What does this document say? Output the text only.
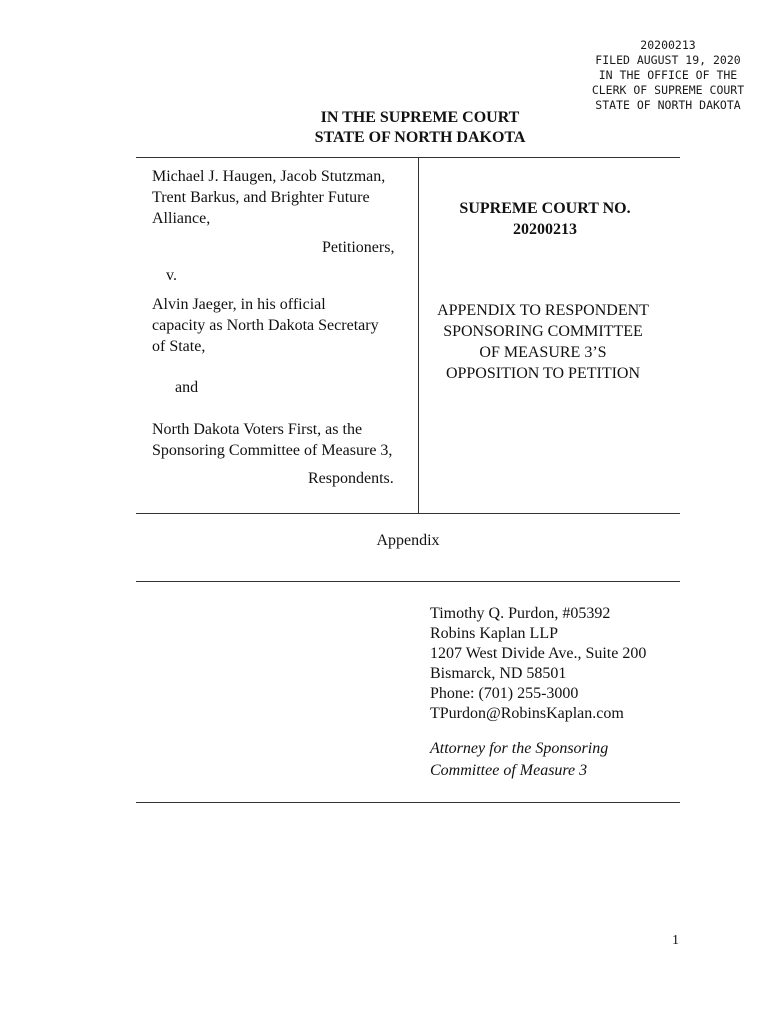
20200213
FILED AUGUST 19, 2020
IN THE OFFICE OF THE
CLERK OF SUPREME COURT
STATE OF NORTH DAKOTA
IN THE SUPREME COURT
STATE OF NORTH DAKOTA
Michael J. Haugen, Jacob Stutzman,
Trent Barkus, and Brighter Future
Alliance,
Petitioners,
v.
Alvin Jaeger, in his official
capacity as North Dakota Secretary
of State,
and
North Dakota Voters First, as the
Sponsoring Committee of Measure 3,
Respondents.
SUPREME COURT NO.
20200213
APPENDIX TO RESPONDENT
SPONSORING COMMITTEE
OF MEASURE 3’S
OPPOSITION TO PETITION
Appendix
Timothy Q. Purdon, #05392
Robins Kaplan LLP
1207 West Divide Ave., Suite 200
Bismarck, ND 58501
Phone: (701) 255-3000
TPurdon@RobinsKaplan.com
Attorney for the Sponsoring
Committee of Measure 3
1
